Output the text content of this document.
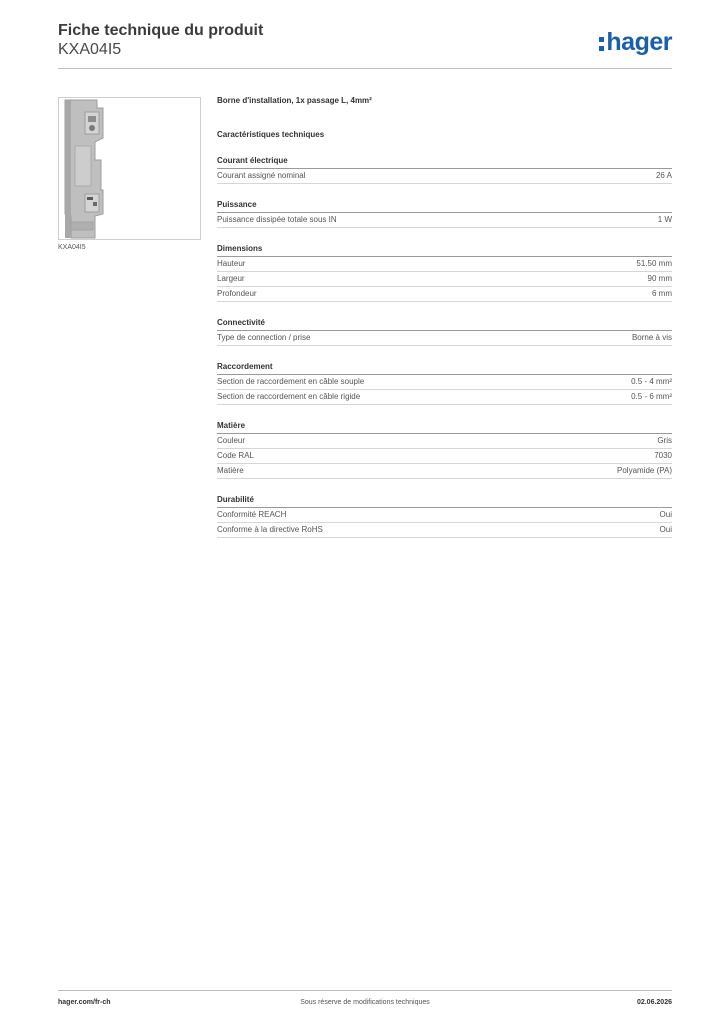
Fiche technique du produit
KXA04I5	hager
KXA04I5
Borne d'installation, 1x passage L, 4mm²
Caractéristiques techniques
Courant électrique
Courant assigné nominal	26 A
Puissance
Puissance dissipée totale sous IN	1 W
Dimensions
Hauteur	51.50 mm
Largeur	90 mm
Profondeur	6 mm
Connectivité
Type de connection / prise	Borne à vis
Raccordement
Section de raccordement en câble souple	0.5 - 4 mm²
Section de raccordement en câble rigide	0.5 - 6 mm²
Matière
Couleur	Gris
Code RAL	7030
Matière	Polyamide (PA)
Durabilité
Conformité REACH	Oui
Conforme à la directive RoHS	Oui
hager.com/fr-ch	Sous réserve de modifications techniques	02.06.2026
